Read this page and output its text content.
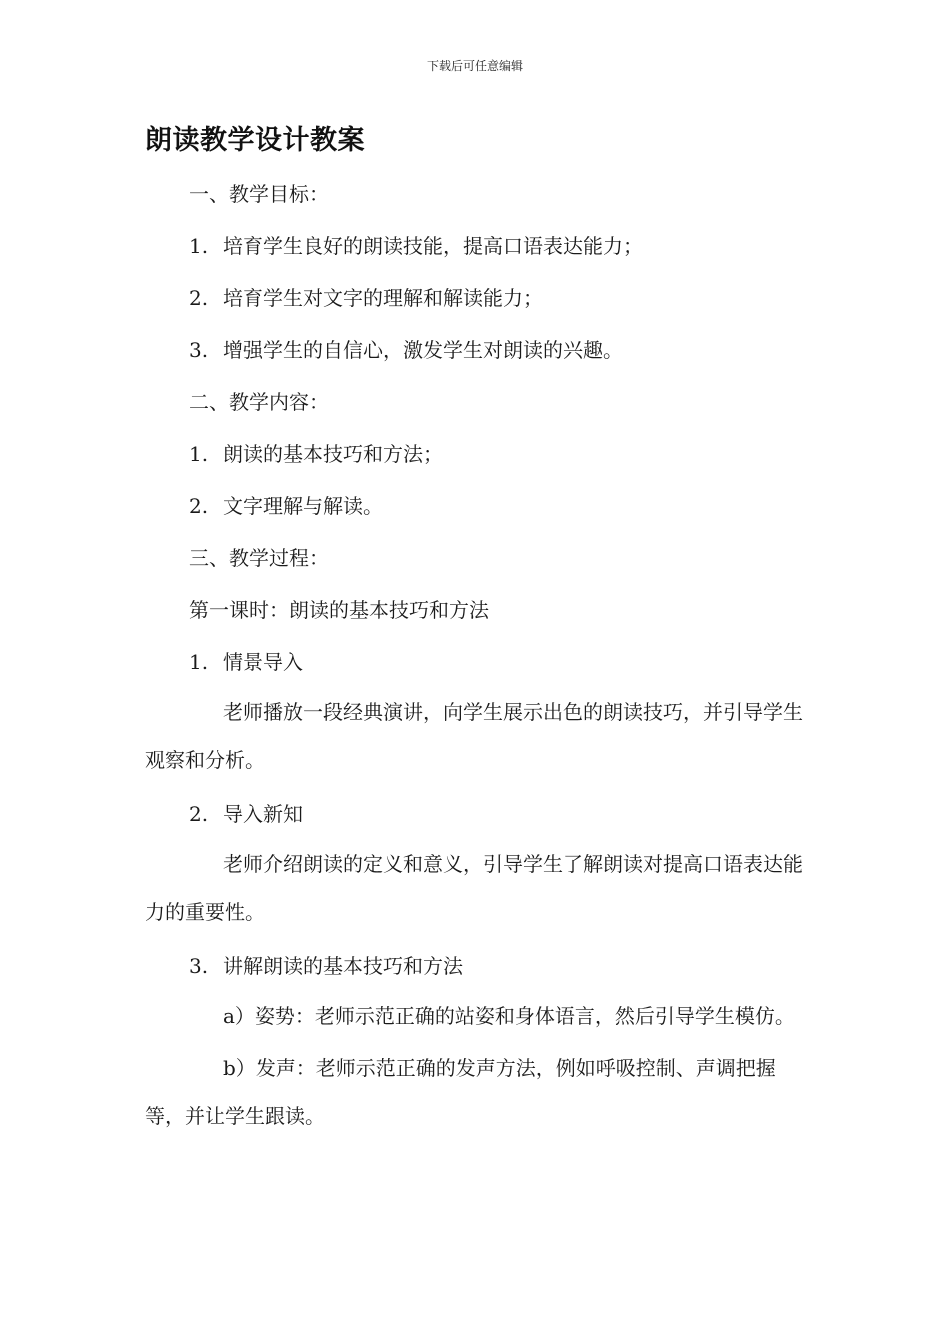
下载后可任意编辑
朗读教学设计教案
一、教学目标：
1. 培育学生良好的朗读技能，提高口语表达能力；
2. 培育学生对文字的理解和解读能力；
3. 增强学生的自信心，激发学生对朗读的兴趣。
二、教学内容：
1. 朗读的基本技巧和方法；
2. 文字理解与解读。
三、教学过程：
第一课时：朗读的基本技巧和方法
1. 情景导入

老师播放一段经典演讲，向学生展示出色的朗读技巧，并引导学生观察和分析。

2. 导入新知

老师介绍朗读的定义和意义，引导学生了解朗读对提高口语表达能力的重要性。

3. 讲解朗读的基本技巧和方法

a）姿势：老师示范正确的站姿和身体语言，然后引导学生模仿。

b）发声：老师示范正确的发声方法，例如呼吸控制、声调把握等，并让学生跟读。
